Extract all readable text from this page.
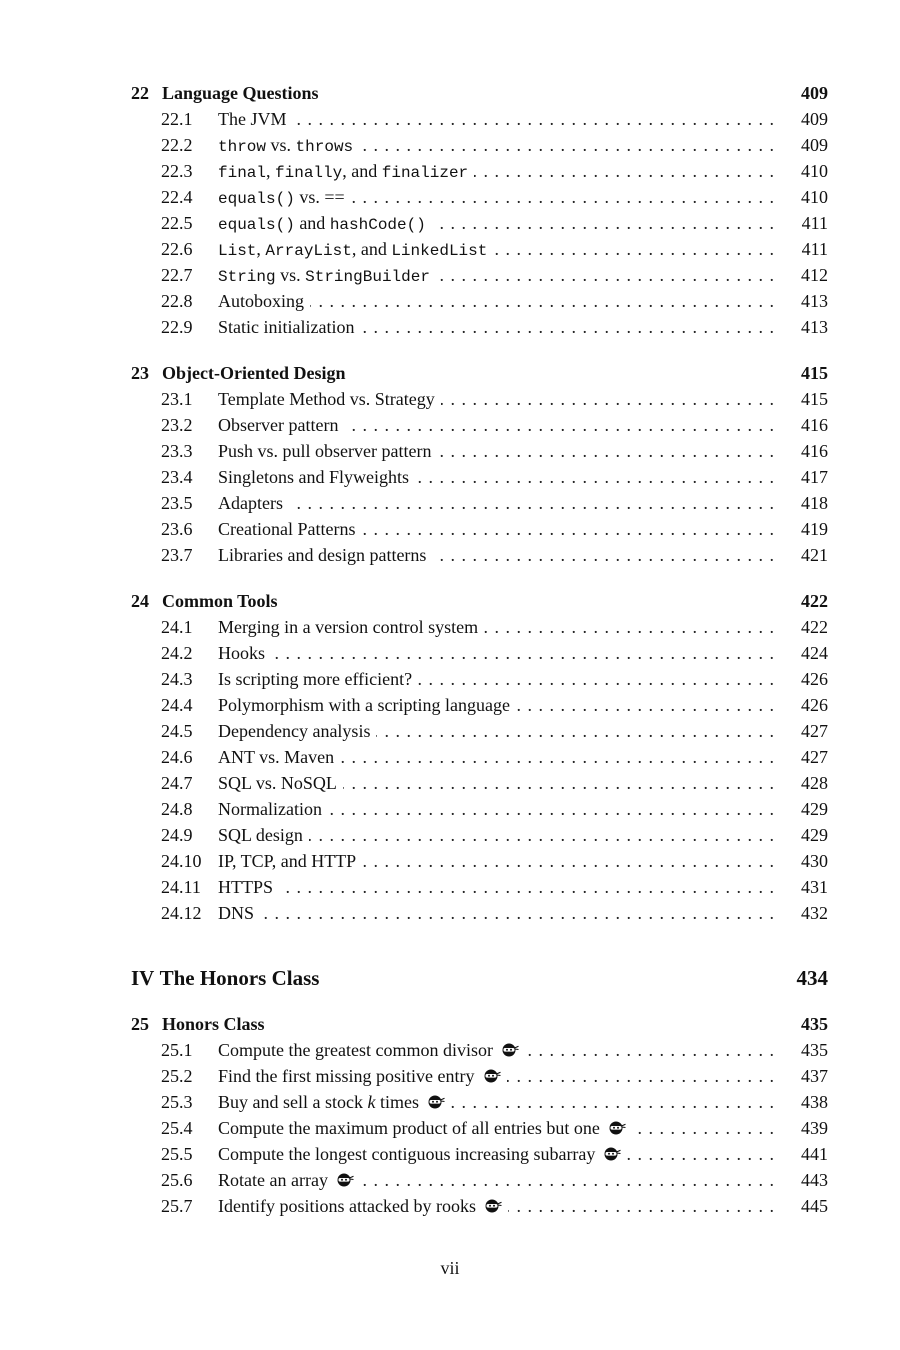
22 Language Questions	409
22.1	The JVM . . .	409
22.2	throw vs. throws . . .	409
22.3	final, finally, and finalizer . . .	410
22.4	equals() vs. == . . .	410
22.5	equals() and hashCode() . . .	411
22.6	List, ArrayList, and LinkedList . . .	411
22.7	String vs. StringBuilder . . .	412
22.8	Autoboxing . . .	413
22.9	Static initialization . . .	413
23 Object-Oriented Design	415
23.1	Template Method vs. Strategy . . .	415
23.2	Observer pattern . . .	416
23.3	Push vs. pull observer pattern . . .	416
23.4	Singletons and Flyweights . . .	417
23.5	Adapters . . .	418
23.6	Creational Patterns . . .	419
23.7	Libraries and design patterns . . .	421
24 Common Tools	422
24.1	Merging in a version control system . . .	422
24.2	Hooks . . .	424
24.3	Is scripting more efficient? . . .	426
24.4	Polymorphism with a scripting language . . .	426
24.5	Dependency analysis . . .	427
24.6	ANT vs. Maven . . .	427
24.7	SQL vs. NoSQL . . .	428
24.8	Normalization . . .	429
24.9	SQL design . . .	429
24.10 IP, TCP, and HTTP . . .	430
24.11 HTTPS . . .	431
24.12 DNS . . .	432
IV The Honors Class	434
25 Honors Class	435
25.1	Compute the greatest common divisor . . .	435
25.2	Find the first missing positive entry . . .	437
25.3	Buy and sell a stock k times . . .	438
25.4	Compute the maximum product of all entries but one . . .	439
25.5	Compute the longest contiguous increasing subarray . . .	441
25.6	Rotate an array . . .	443
25.7	Identify positions attacked by rooks . . .	445
vii
